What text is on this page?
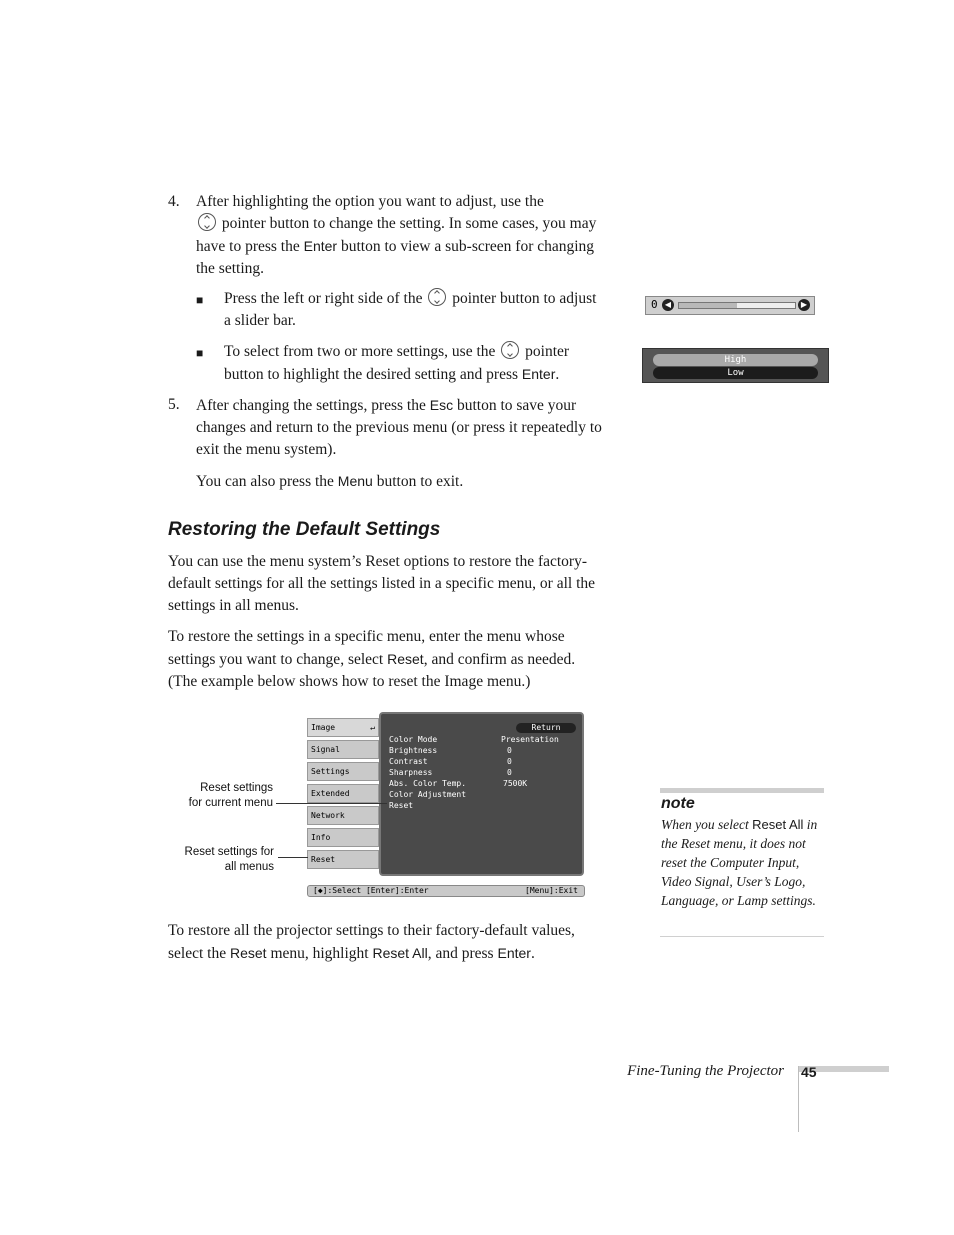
4. After highlighting the option you want to adjust, use the
pointer button to change the setting. In some cases, you may
have to press the Enter button to view a sub-screen for changing
the setting.
■ Press the left or right side of the pointer button to adjust
a slider bar.
0 ◀	▶
■ To select from two or more settings, use the pointer
button to highlight the desired setting and press Enter.
High
Low
5. After changing the settings, press the Esc button to save your
changes and return to the previous menu (or press it repeatedly to
exit the menu system).
You can also press the Menu button to exit.
Restoring the Default Settings
You can use the menu system’s Reset options to restore the factory-
default settings for all the settings listed in a specific menu, or all the
settings in all menus.
To restore the settings in a specific menu, enter the menu whose
settings you want to change, select Reset, and confirm as needed.
(The example below shows how to reset the Image menu.)
Image	↵
Signal
Settings
Extended
Network
Info
Reset
Return
Color Mode	Presentation
Brightness	0
Contrast	0
Sharpness	0
Abs. Color Temp.	7500K
Color Adjustment
Reset
[◆]:Select [Enter]:Enter	[Menu]:Exit
Reset settings
for current menu
Reset settings for
all menus
To restore all the projector settings to their factory-default values,
select the Reset menu, highlight Reset All, and press Enter.
note
When you select Reset All in the Reset menu, it does not reset the Computer Input, Video Signal, User’s Logo, Language, or Lamp settings.
Fine-Tuning the Projector 45
